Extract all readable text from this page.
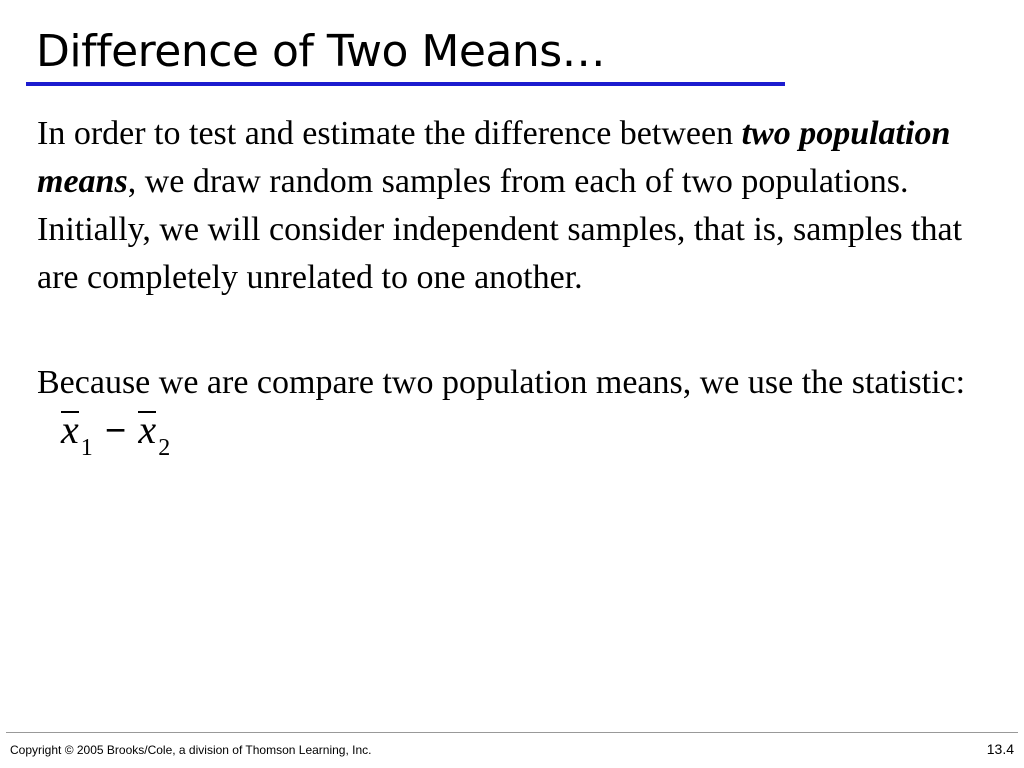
Difference of Two Means…

In order to test and estimate the difference between two population means, we draw random samples from each of two populations. Initially, we will consider independent samples, that is, samples that are completely unrelated to one another.

Because we are compare two population means, we use the $statistic:x_1 - x_2$

Copyright © 2005 Brooks/Cole, a division of Thomson Learning, Inc.	13.4
